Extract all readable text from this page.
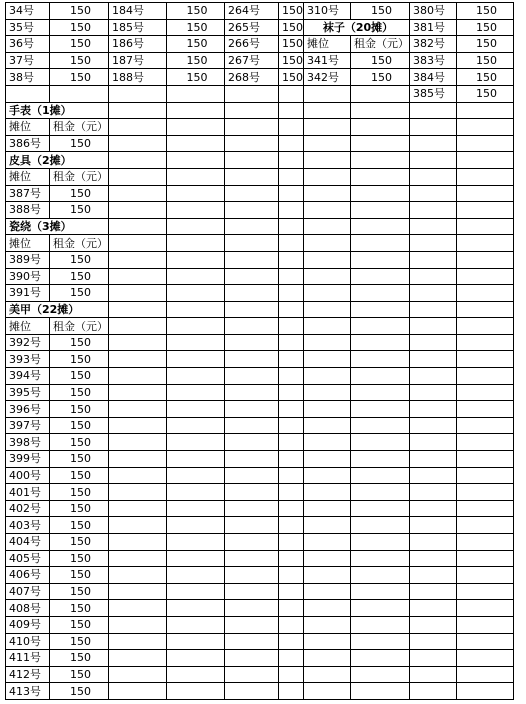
34号	150	184号	150	264号	150	310号	150	380号	150
35号	150	185号	150	265号	150	袜子（20摊）		381号	150
36号	150	186号	150	266号	150	摊位	租金（元）	382号	150
37号	150	187号	150	267号	150	341号	150	383号	150
38号	150	188号	150	268号	150	342号	150	384号	150
								385号	150
手表（1摊）									
摊位	租金（元）								
386号	150								
皮具（2摊）									
摊位	租金（元）								
387号	150								
388号	150								
瓷绕（3摊）									
摊位	租金（元）								
389号	150								
390号	150								
391号	150								
美甲（22摊）									
摊位	租金（元）								
392号	150								
393号	150								
394号	150								
395号	150								
396号	150								
397号	150								
398号	150								
399号	150								
400号	150								
401号	150								
402号	150								
403号	150								
404号	150								
405号	150								
406号	150								
407号	150								
408号	150								
409号	150								
410号	150								
411号	150								
412号	150								
413号	150								
